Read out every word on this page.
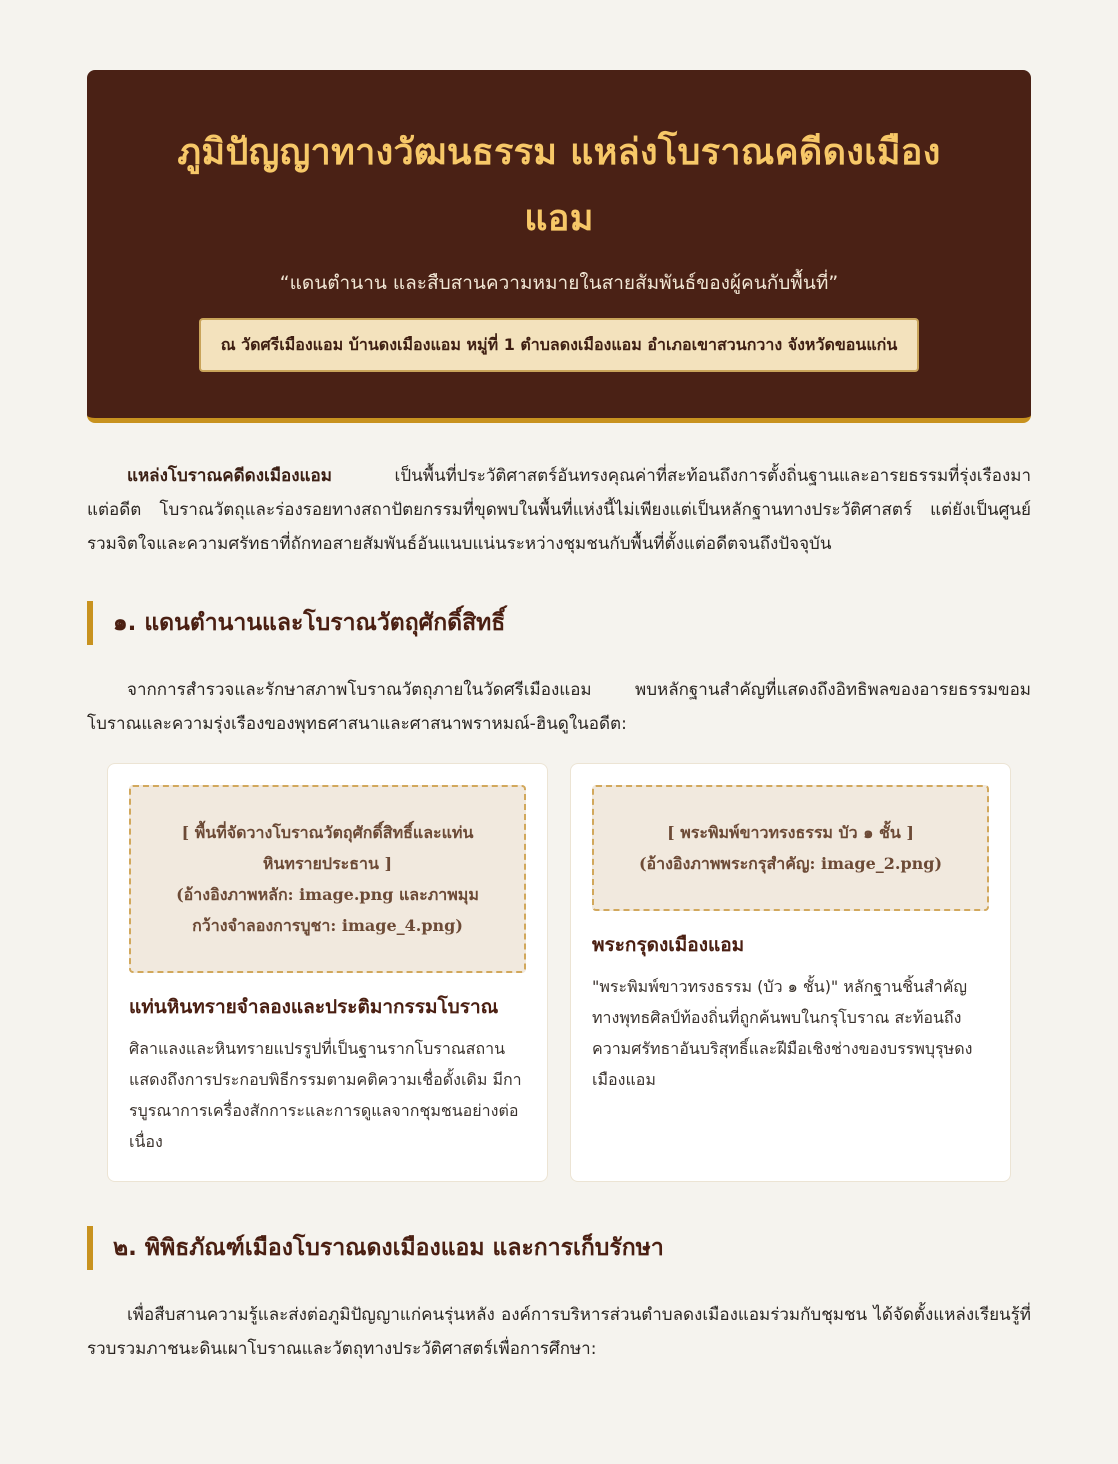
ภูมิปัญญาทางวัฒนธรรม แหล่งโบราณคดีดงเมืองแอม

“แดนตำนาน และสืบสานความหมายในสายสัมพันธ์ของผู้คนกับพื้นที่”

ณ วัดศรีเมืองแอม บ้านดงเมืองแอม หมู่ที่ 1 ตำบลดงเมืองแอม อำเภอเขาสวนกวาง จังหวัดขอนแก่น

แหล่งโบราณคดีดงเมืองแอม	เป็นพื้นที่ประวัติศาสตร์อันทรงคุณค่าที่สะท้อนถึงการตั้งถิ่นฐานและอารยธรรมที่รุ่งเรืองมาแต่อดีต โบราณวัตถุและร่องรอยทางสถาปัตยกรรมที่ขุดพบในพื้นที่แห่งนี้ไม่เพียงแต่เป็นหลักฐานทางประวัติศาสตร์ แต่ยังเป็นศูนย์รวมจิตใจและความศรัทธาที่ถักทอสายสัมพันธ์อันแนบแน่นระหว่างชุมชนกับพื้นที่ตั้งแต่อดีตจนถึงปัจจุบัน

๑. แดนตำนานและโบราณวัตถุศักดิ์สิทธิ์

จากการสำรวจและรักษาสภาพโบราณวัตถุภายในวัดศรีเมืองแอม พบหลักฐานสำคัญที่แสดงถึงอิทธิพลของอารยธรรมขอมโบราณและความรุ่งเรืองของพุทธศาสนาและศาสนาพราหมณ์-ฮินดูในอดีต:

[ พื้นที่จัดวางโบราณวัตถุศักดิ์สิทธิ์และแท่นหินทรายประธาน ]
(อ้างอิงภาพหลัก: image.png และภาพมุมกว้างจำลองการบูชา: image_4.png)
แท่นหินทรายจำลองและประติมากรรมโบราณ

ศิลาแลงและหินทรายแปรรูปที่เป็นฐานรากโบราณสถาน แสดงถึงการประกอบพิธีกรรมตามคติความเชื่อดั้งเดิม มีการบูรณาการเครื่องสักการะและการดูแลจากชุมชนอย่างต่อเนื่อง

[ พระพิมพ์ขาวทรงธรรม บัว ๑ ชั้น ]
(อ้างอิงภาพพระกรุสำคัญ: image_2.png)
พระกรุดงเมืองแอม

"พระพิมพ์ขาวทรงธรรม (บัว ๑ ชั้น)" หลักฐานชิ้นสำคัญทางพุทธศิลป์ท้องถิ่นที่ถูกค้นพบในกรุโบราณ สะท้อนถึงความศรัทธาอันบริสุทธิ์และฝีมือเชิงช่างของบรรพบุรุษดงเมืองแอม

๒. พิพิธภัณฑ์เมืองโบราณดงเมืองแอม และการเก็บรักษา

เพื่อสืบสานความรู้และส่งต่อภูมิปัญญาแก่คนรุ่นหลัง องค์การบริหารส่วนตำบลดงเมืองแอมร่วมกับชุมชน ได้จัดตั้งแหล่งเรียนรู้ที่รวบรวมภาชนะดินเผาโบราณและวัตถุทางประวัติศาสตร์เพื่อการศึกษา:
